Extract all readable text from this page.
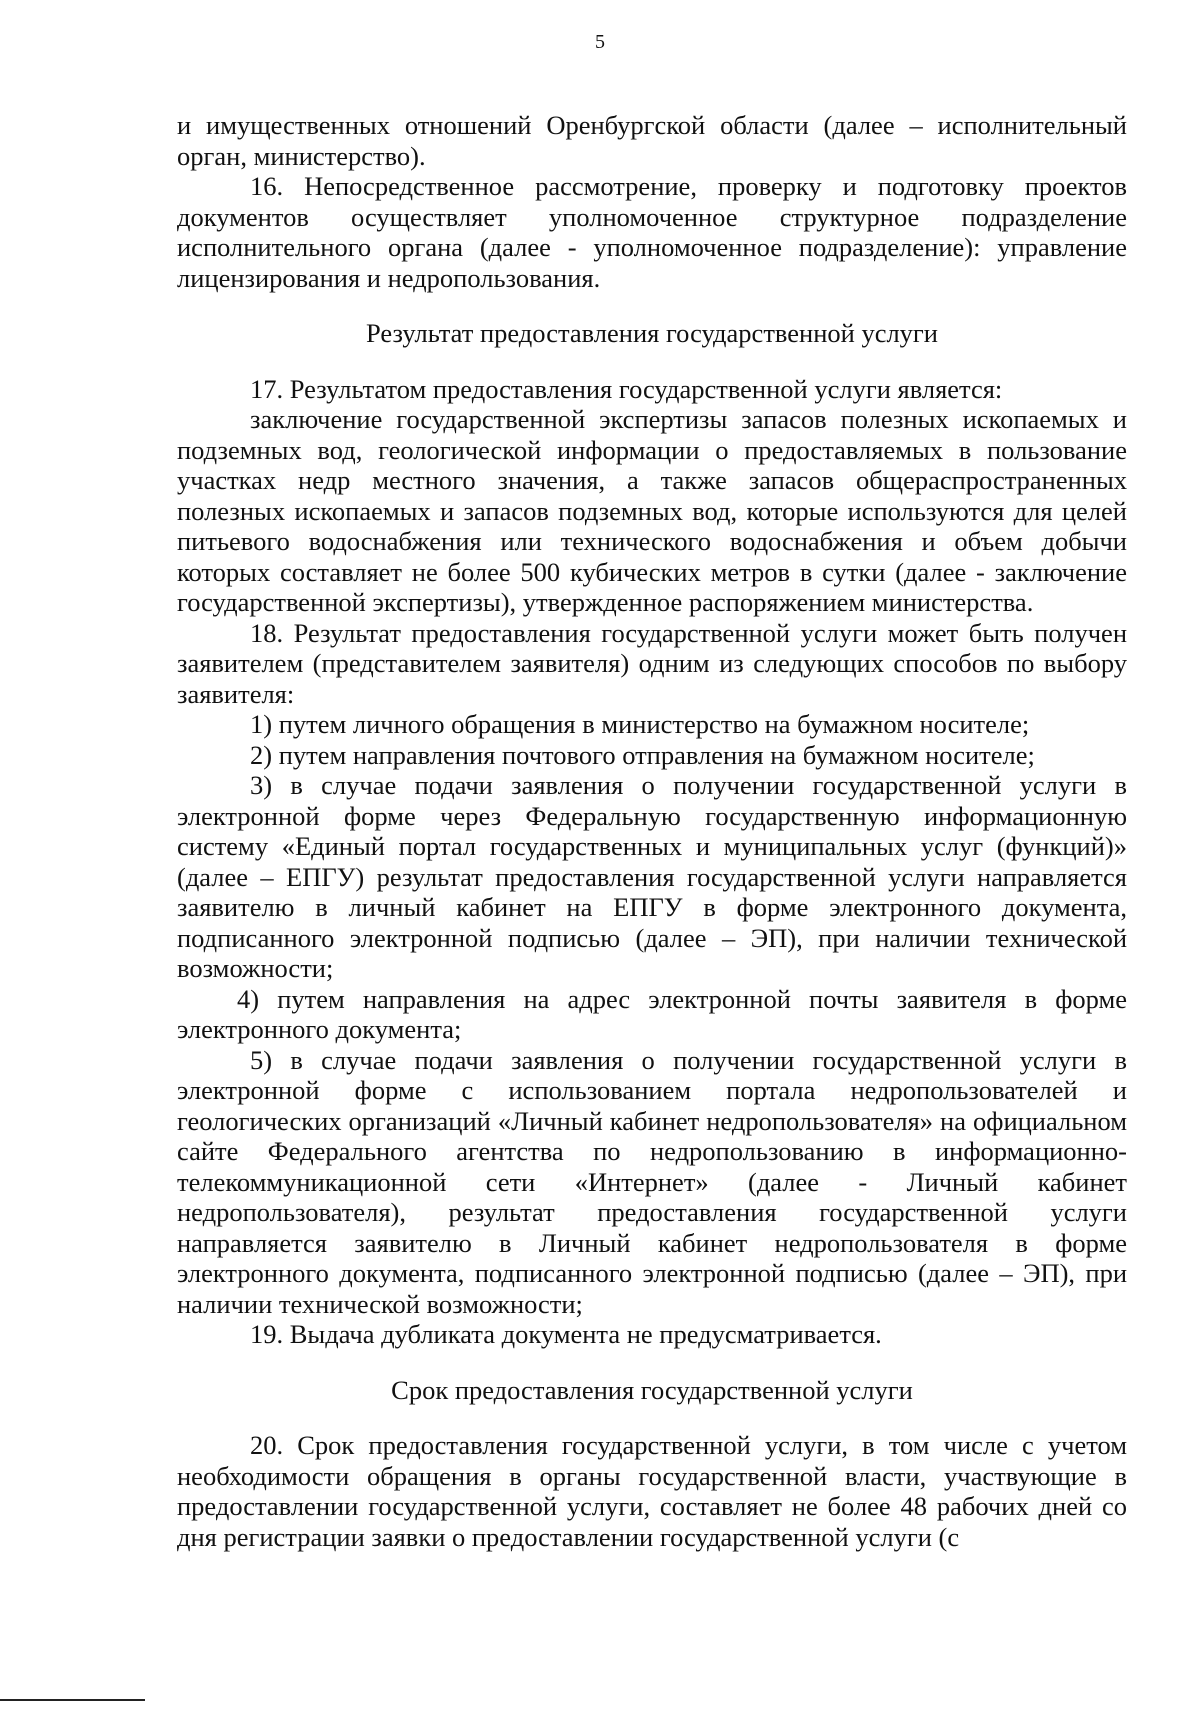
5

и имущественных отношений Оренбургской области (далее – исполнительный орган, министерство).

16. Непосредственное рассмотрение, проверку и подготовку проектов документов осуществляет уполномоченное структурное подразделение исполнительного органа (далее - уполномоченное подразделение): управление лицензирования и недропользования.

Результат предоставления государственной услуги

17. Результатом предоставления государственной услуги является:

заключение государственной экспертизы запасов полезных ископаемых и подземных вод, геологической информации о предоставляемых в пользование участках недр местного значения, а также запасов общераспространенных полезных ископаемых и запасов подземных вод, которые используются для целей питьевого водоснабжения или технического водоснабжения и объем добычи которых составляет не более 500 кубических метров в сутки (далее - заключение государственной экспертизы), утвержденное распоряжением министерства.

18. Результат предоставления государственной услуги может быть получен заявителем (представителем заявителя) одним из следующих способов по выбору заявителя:

1) путем личного обращения в министерство на бумажном носителе;

2) путем направления почтового отправления на бумажном носителе;

3) в случае подачи заявления о получении государственной услуги в электронной форме через Федеральную государственную информационную систему «Единый портал государственных и муниципальных услуг (функций)» (далее – ЕПГУ) результат предоставления государственной услуги направляется заявителю в личный кабинет на ЕПГУ в форме электронного документа, подписанного электронной подписью (далее – ЭП), при наличии технической возможности;

4) путем направления на адрес электронной почты заявителя в форме электронного документа;

5) в случае подачи заявления о получении государственной услуги в электронной форме с использованием портала недропользователей и геологических организаций «Личный кабинет недропользователя» на официальном сайте Федерального агентства по недропользованию в информационно-телекоммуникационной сети «Интернет» (далее - Личный кабинет недропользователя), результат предоставления государственной услуги направляется заявителю в Личный кабинет недропользователя в форме электронного документа, подписанного электронной подписью (далее – ЭП), при наличии технической возможности;

19. Выдача дубликата документа не предусматривается.

Срок предоставления государственной услуги

20. Срок предоставления государственной услуги, в том числе с учетом необходимости обращения в органы государственной власти, участвующие в предоставлении государственной услуги, составляет не более 48 рабочих дней со дня регистрации заявки о предоставлении государственной услуги (с
